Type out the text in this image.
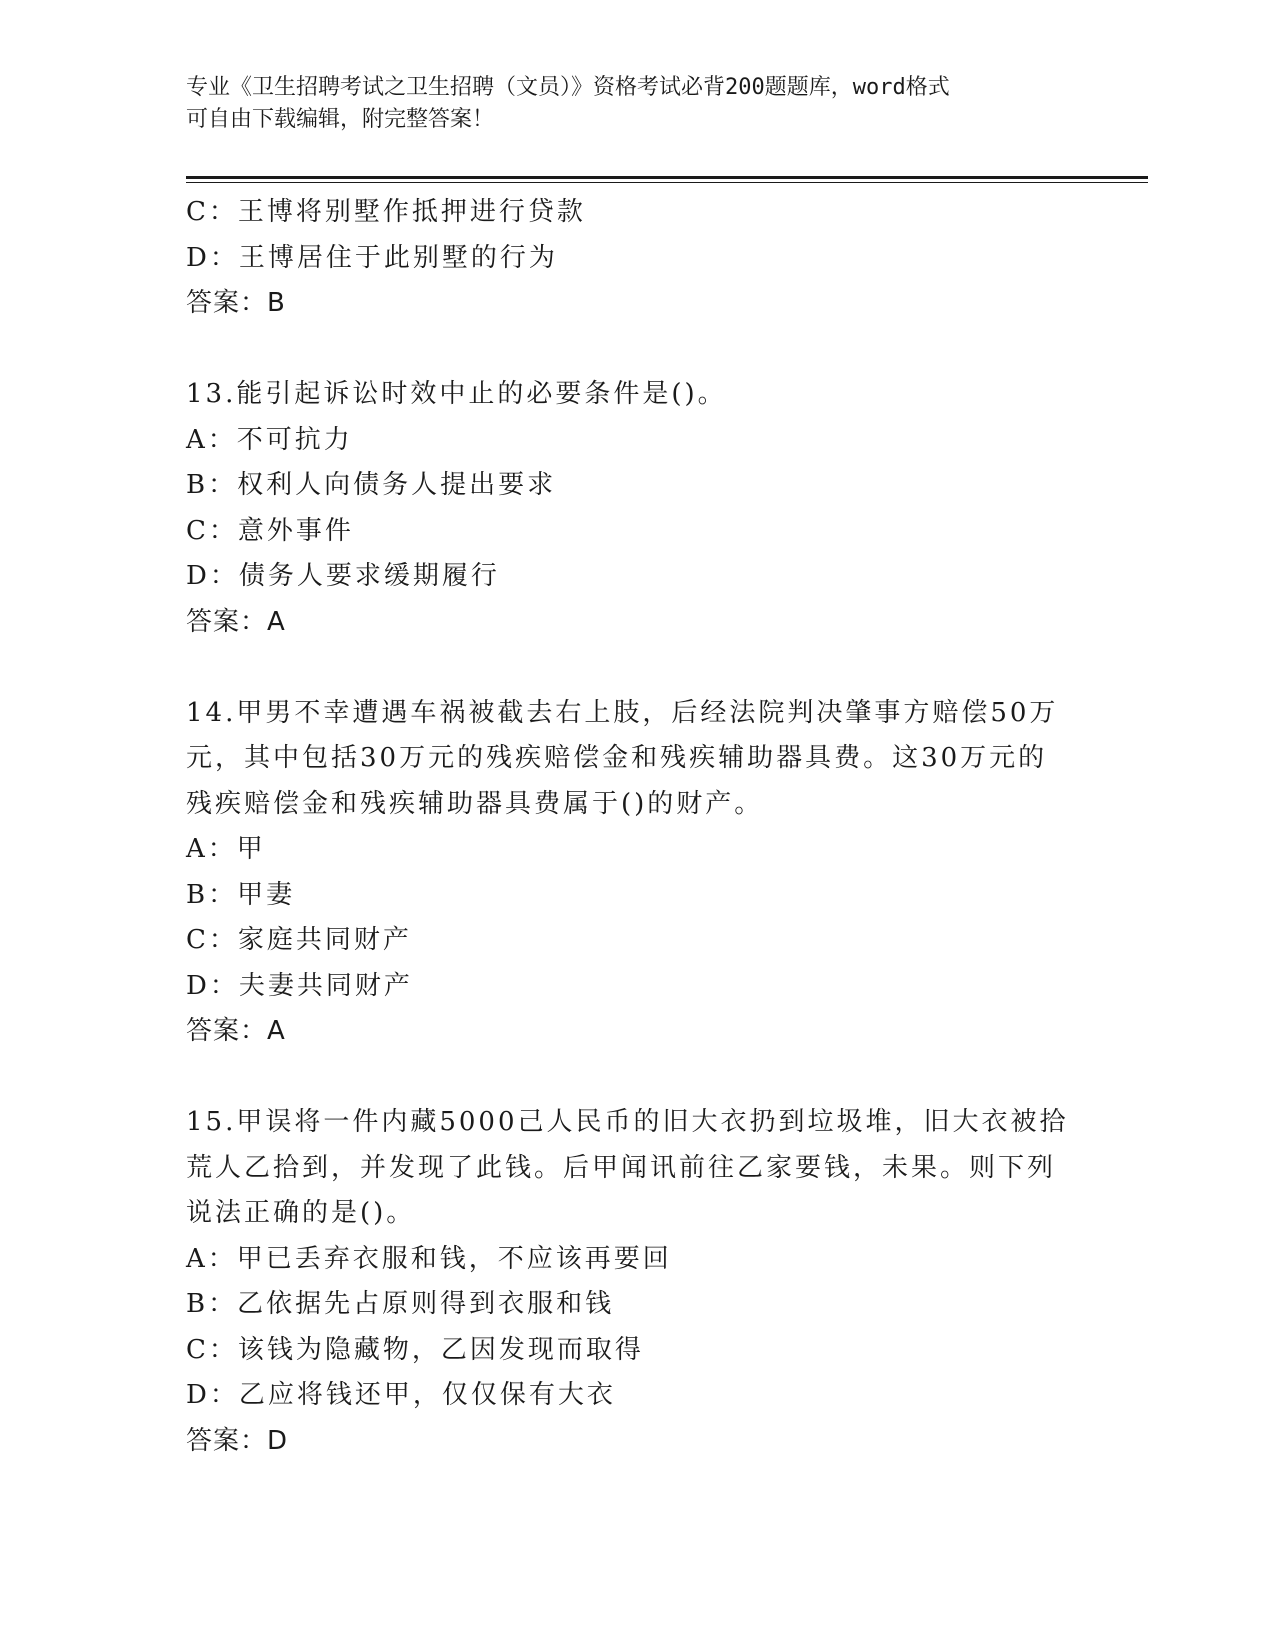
专业《卫生招聘考试之卫生招聘（文员）》资格考试必背200题题库，word格式
可自由下载编辑，附完整答案！
C：王博将别墅作抵押进行贷款
D：王博居住于此别墅的行为
答案：B
13.能引起诉讼时效中止的必要条件是()。
A：不可抗力
B：权利人向债务人提出要求
C：意外事件
D：债务人要求缓期履行
答案：A
14.甲男不幸遭遇车祸被截去右上肢，后经法院判决肇事方赔偿50万
元，其中包括30万元的残疾赔偿金和残疾辅助器具费。这30万元的
残疾赔偿金和残疾辅助器具费属于()的财产。
A：甲
B：甲妻
C：家庭共同财产
D：夫妻共同财产
答案：A
15.甲误将一件内藏5000己人民币的旧大衣扔到垃圾堆，旧大衣被拾
荒人乙拾到，并发现了此钱。后甲闻讯前往乙家要钱，未果。则下列
说法正确的是()。
A：甲已丢弃衣服和钱，不应该再要回
B：乙依据先占原则得到衣服和钱
C：该钱为隐藏物，乙因发现而取得
D：乙应将钱还甲，仅仅保有大衣
答案：D
